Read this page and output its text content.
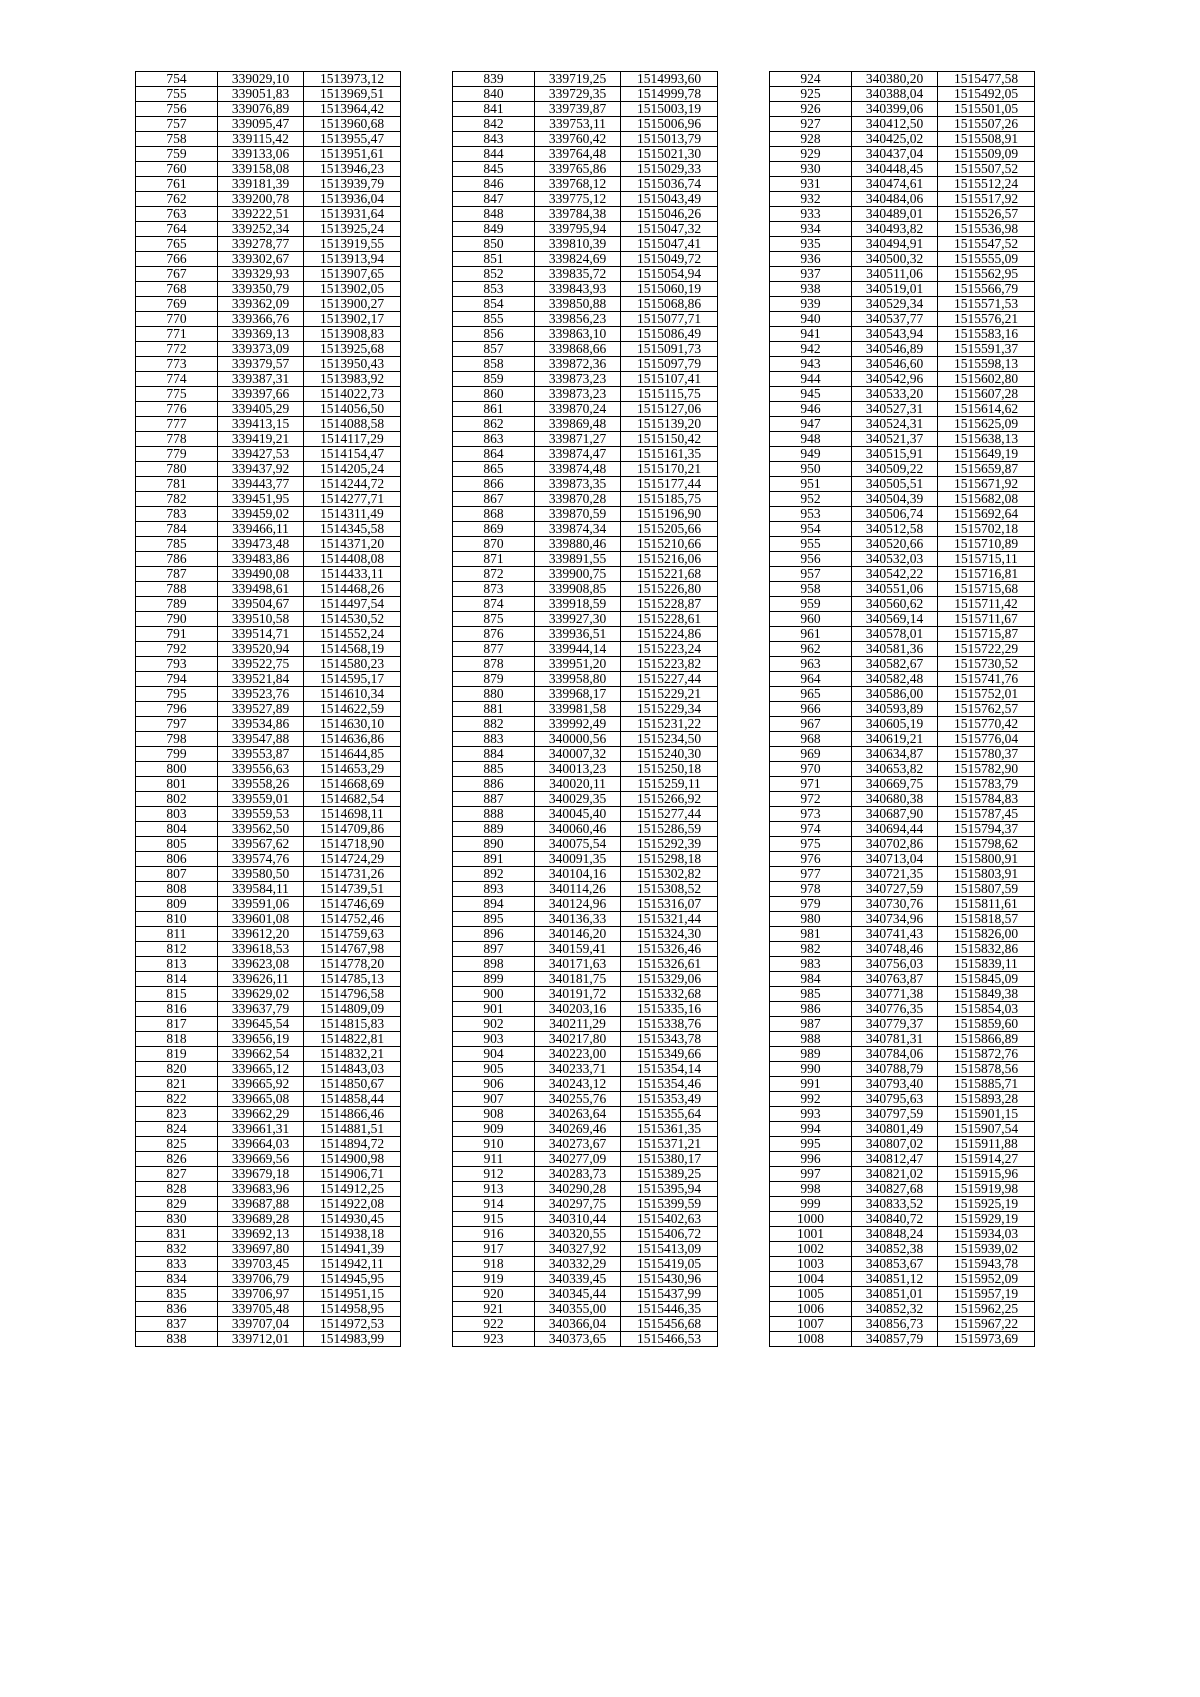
754	339029,10	1513973,12
755	339051,83	1513969,51
756	339076,89	1513964,42
757	339095,47	1513960,68
758	339115,42	1513955,47
759	339133,06	1513951,61
760	339158,08	1513946,23
761	339181,39	1513939,79
762	339200,78	1513936,04
763	339222,51	1513931,64
764	339252,34	1513925,24
765	339278,77	1513919,55
766	339302,67	1513913,94
767	339329,93	1513907,65
768	339350,79	1513902,05
769	339362,09	1513900,27
770	339366,76	1513902,17
771	339369,13	1513908,83
772	339373,09	1513925,68
773	339379,57	1513950,43
774	339387,31	1513983,92
775	339397,66	1514022,73
776	339405,29	1514056,50
777	339413,15	1514088,58
778	339419,21	1514117,29
779	339427,53	1514154,47
780	339437,92	1514205,24
781	339443,77	1514244,72
782	339451,95	1514277,71
783	339459,02	1514311,49
784	339466,11	1514345,58
785	339473,48	1514371,20
786	339483,86	1514408,08
787	339490,08	1514433,11
788	339498,61	1514468,26
789	339504,67	1514497,54
790	339510,58	1514530,52
791	339514,71	1514552,24
792	339520,94	1514568,19
793	339522,75	1514580,23
794	339521,84	1514595,17
795	339523,76	1514610,34
796	339527,89	1514622,59
797	339534,86	1514630,10
798	339547,88	1514636,86
799	339553,87	1514644,85
800	339556,63	1514653,29
801	339558,26	1514668,69
802	339559,01	1514682,54
803	339559,53	1514698,11
804	339562,50	1514709,86
805	339567,62	1514718,90
806	339574,76	1514724,29
807	339580,50	1514731,26
808	339584,11	1514739,51
809	339591,06	1514746,69
810	339601,08	1514752,46
811	339612,20	1514759,63
812	339618,53	1514767,98
813	339623,08	1514778,20
814	339626,11	1514785,13
815	339629,02	1514796,58
816	339637,79	1514809,09
817	339645,54	1514815,83
818	339656,19	1514822,81
819	339662,54	1514832,21
820	339665,12	1514843,03
821	339665,92	1514850,67
822	339665,08	1514858,44
823	339662,29	1514866,46
824	339661,31	1514881,51
825	339664,03	1514894,72
826	339669,56	1514900,98
827	339679,18	1514906,71
828	339683,96	1514912,25
829	339687,88	1514922,08
830	339689,28	1514930,45
831	339692,13	1514938,18
832	339697,80	1514941,39
833	339703,45	1514942,11
834	339706,79	1514945,95
835	339706,97	1514951,15
836	339705,48	1514958,95
837	339707,04	1514972,53
838	339712,01	1514983,99
839	339719,25	1514993,60
840	339729,35	1514999,78
841	339739,87	1515003,19
842	339753,11	1515006,96
843	339760,42	1515013,79
844	339764,48	1515021,30
845	339765,86	1515029,33
846	339768,12	1515036,74
847	339775,12	1515043,49
848	339784,38	1515046,26
849	339795,94	1515047,32
850	339810,39	1515047,41
851	339824,69	1515049,72
852	339835,72	1515054,94
853	339843,93	1515060,19
854	339850,88	1515068,86
855	339856,23	1515077,71
856	339863,10	1515086,49
857	339868,66	1515091,73
858	339872,36	1515097,79
859	339873,23	1515107,41
860	339873,23	1515115,75
861	339870,24	1515127,06
862	339869,48	1515139,20
863	339871,27	1515150,42
864	339874,47	1515161,35
865	339874,48	1515170,21
866	339873,35	1515177,44
867	339870,28	1515185,75
868	339870,59	1515196,90
869	339874,34	1515205,66
870	339880,46	1515210,66
871	339891,55	1515216,06
872	339900,75	1515221,68
873	339908,85	1515226,80
874	339918,59	1515228,87
875	339927,30	1515228,61
876	339936,51	1515224,86
877	339944,14	1515223,24
878	339951,20	1515223,82
879	339958,80	1515227,44
880	339968,17	1515229,21
881	339981,58	1515229,34
882	339992,49	1515231,22
883	340000,56	1515234,50
884	340007,32	1515240,30
885	340013,23	1515250,18
886	340020,11	1515259,11
887	340029,35	1515266,92
888	340045,40	1515277,44
889	340060,46	1515286,59
890	340075,54	1515292,39
891	340091,35	1515298,18
892	340104,16	1515302,82
893	340114,26	1515308,52
894	340124,96	1515316,07
895	340136,33	1515321,44
896	340146,20	1515324,30
897	340159,41	1515326,46
898	340171,63	1515326,61
899	340181,75	1515329,06
900	340191,72	1515332,68
901	340203,16	1515335,16
902	340211,29	1515338,76
903	340217,80	1515343,78
904	340223,00	1515349,66
905	340233,71	1515354,14
906	340243,12	1515354,46
907	340255,76	1515353,49
908	340263,64	1515355,64
909	340269,46	1515361,35
910	340273,67	1515371,21
911	340277,09	1515380,17
912	340283,73	1515389,25
913	340290,28	1515395,94
914	340297,75	1515399,59
915	340310,44	1515402,63
916	340320,55	1515406,72
917	340327,92	1515413,09
918	340332,29	1515419,05
919	340339,45	1515430,96
920	340345,44	1515437,99
921	340355,00	1515446,35
922	340366,04	1515456,68
923	340373,65	1515466,53
924	340380,20	1515477,58
925	340388,04	1515492,05
926	340399,06	1515501,05
927	340412,50	1515507,26
928	340425,02	1515508,91
929	340437,04	1515509,09
930	340448,45	1515507,52
931	340474,61	1515512,24
932	340484,06	1515517,92
933	340489,01	1515526,57
934	340493,82	1515536,98
935	340494,91	1515547,52
936	340500,32	1515555,09
937	340511,06	1515562,95
938	340519,01	1515566,79
939	340529,34	1515571,53
940	340537,77	1515576,21
941	340543,94	1515583,16
942	340546,89	1515591,37
943	340546,60	1515598,13
944	340542,96	1515602,80
945	340533,20	1515607,28
946	340527,31	1515614,62
947	340524,31	1515625,09
948	340521,37	1515638,13
949	340515,91	1515649,19
950	340509,22	1515659,87
951	340505,51	1515671,92
952	340504,39	1515682,08
953	340506,74	1515692,64
954	340512,58	1515702,18
955	340520,66	1515710,89
956	340532,03	1515715,11
957	340542,22	1515716,81
958	340551,06	1515715,68
959	340560,62	1515711,42
960	340569,14	1515711,67
961	340578,01	1515715,87
962	340581,36	1515722,29
963	340582,67	1515730,52
964	340582,48	1515741,76
965	340586,00	1515752,01
966	340593,89	1515762,57
967	340605,19	1515770,42
968	340619,21	1515776,04
969	340634,87	1515780,37
970	340653,82	1515782,90
971	340669,75	1515783,79
972	340680,38	1515784,83
973	340687,90	1515787,45
974	340694,44	1515794,37
975	340702,86	1515798,62
976	340713,04	1515800,91
977	340721,35	1515803,91
978	340727,59	1515807,59
979	340730,76	1515811,61
980	340734,96	1515818,57
981	340741,43	1515826,00
982	340748,46	1515832,86
983	340756,03	1515839,11
984	340763,87	1515845,09
985	340771,38	1515849,38
986	340776,35	1515854,03
987	340779,37	1515859,60
988	340781,31	1515866,89
989	340784,06	1515872,76
990	340788,79	1515878,56
991	340793,40	1515885,71
992	340795,63	1515893,28
993	340797,59	1515901,15
994	340801,49	1515907,54
995	340807,02	1515911,88
996	340812,47	1515914,27
997	340821,02	1515915,96
998	340827,68	1515919,98
999	340833,52	1515925,19
1000	340840,72	1515929,19
1001	340848,24	1515934,03
1002	340852,38	1515939,02
1003	340853,67	1515943,78
1004	340851,12	1515952,09
1005	340851,01	1515957,19
1006	340852,32	1515962,25
1007	340856,73	1515967,22
1008	340857,79	1515973,69
